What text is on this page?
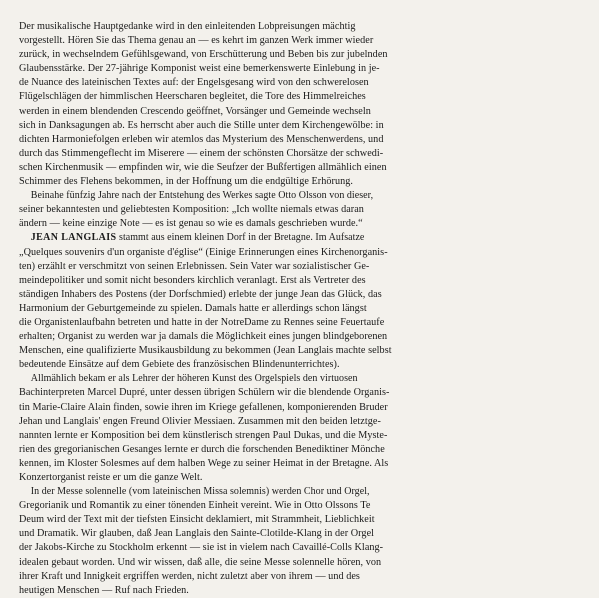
Der musikalische Hauptgedanke wird in den einleitenden Lobpreisungen mächtig
vorgestellt. Hören Sie das Thema genau an — es kehrt im ganzen Werk immer wieder
zurück, in wechselndem Gefühlsgewand, von Erschütterung und Beben bis zur jubelnden
Glaubensstärke. Der 27-jährige Komponist weist eine bemerkenswerte Einlebung in je-
de Nuance des lateinischen Textes auf: der Engelsgesang wird von den schwerelosen
Flügelschlägen der himmlischen Heerscharen begleitet, die Tore des Himmelreiches
werden in einem blendenden Crescendo geöffnet, Vorsänger und Gemeinde wechseln
sich in Danksagungen ab. Es herrscht aber auch die Stille unter dem Kirchengewölbe: in
dichten Harmoniefolgen erleben wir atemlos das Mysterium des Menschenwerdens, und
durch das Stimmengeflecht im Miserere — einem der schönsten Chorsätze der schwedi-
schen Kirchenmusik — empfinden wir, wie die Seufzer der Bußfertigen allmählich einen
Schimmer des Flehens bekommen, in der Hoffnung um die endgültige Erhörung.

Beinahe fünfzig Jahre nach der Entstehung des Werkes sagte Otto Olsson von dieser,
seiner bekanntesten und geliebtesten Komposition: „Ich wollte niemals etwas daran
ändern — keine einzige Note — es ist genau so wie es damals geschrieben wurde.“

JEAN LANGLAIS stammt aus einem kleinen Dorf in der Bretagne. Im Aufsatze
„Quelques souvenirs d'un organiste d'église“ (Einige Erinnerungen eines Kirchenorganis-
ten) erzählt er verschmitzt von seinen Erlebnissen. Sein Vater war sozialistischer Ge-
meindepolitiker und somit nicht besonders kirchlich veranlagt. Erst als Vertreter des
ständigen Inhabers des Postens (der Dorfschmied) erlebte der junge Jean das Glück, das
Harmonium der Geburtgemeinde zu spielen. Damals hatte er allerdings schon längst
die Organistenlaufbahn betreten und hatte in der NotreDame zu Rennes seine Feuertaufe
erhalten; Organist zu werden war ja damals die Möglichkeit eines jungen blindgeborenen
Menschen, eine qualifizierte Musikausbildung zu bekommen (Jean Langlais machte selbst
bedeutende Einsätze auf dem Gebiete des französischen Blindenunterrichtes).

Allmählich bekam er als Lehrer der höheren Kunst des Orgelspiels den virtuosen
Bachinterpreten Marcel Dupré, unter dessen übrigen Schülern wir die blendende Organis-
tin Marie-Claire Alain finden, sowie ihren im Kriege gefallenen, komponierenden Bruder
Jehan und Langlais' engen Freund Olivier Messiaen. Zusammen mit den beiden letztge-
nannten lernte er Komposition bei dem künstlerisch strengen Paul Dukas, und die Myste-
rien des gregorianischen Gesanges lernte er durch die forschenden Benediktiner Mönche
kennen, im Kloster Solesmes auf dem halben Wege zu seiner Heimat in der Bretagne. Als
Konzertorganist reiste er um die ganze Welt.

In der Messe solennelle (vom lateinischen Missa solemnis) werden Chor und Orgel,
Gregorianik und Romantik zu einer tönenden Einheit vereint. Wie in Otto Olssons Te
Deum wird der Text mit der tiefsten Einsicht deklamiert, mit Strammheit, Lieblichkeit
und Dramatik. Wir glauben, daß Jean Langlais den Sainte-Clotilde-Klang in der Orgel
der Jakobs-Kirche zu Stockholm erkennt — sie ist in vielem nach Cavaillé-Colls Klang-
idealen gebaut worden. Und wir wissen, daß alle, die seine Messe solennelle hören, von
ihrer Kraft und Innigkeit ergriffen werden, nicht zuletzt aber von ihrem — und des
heutigen Menschen — Ruf nach Frieden.
